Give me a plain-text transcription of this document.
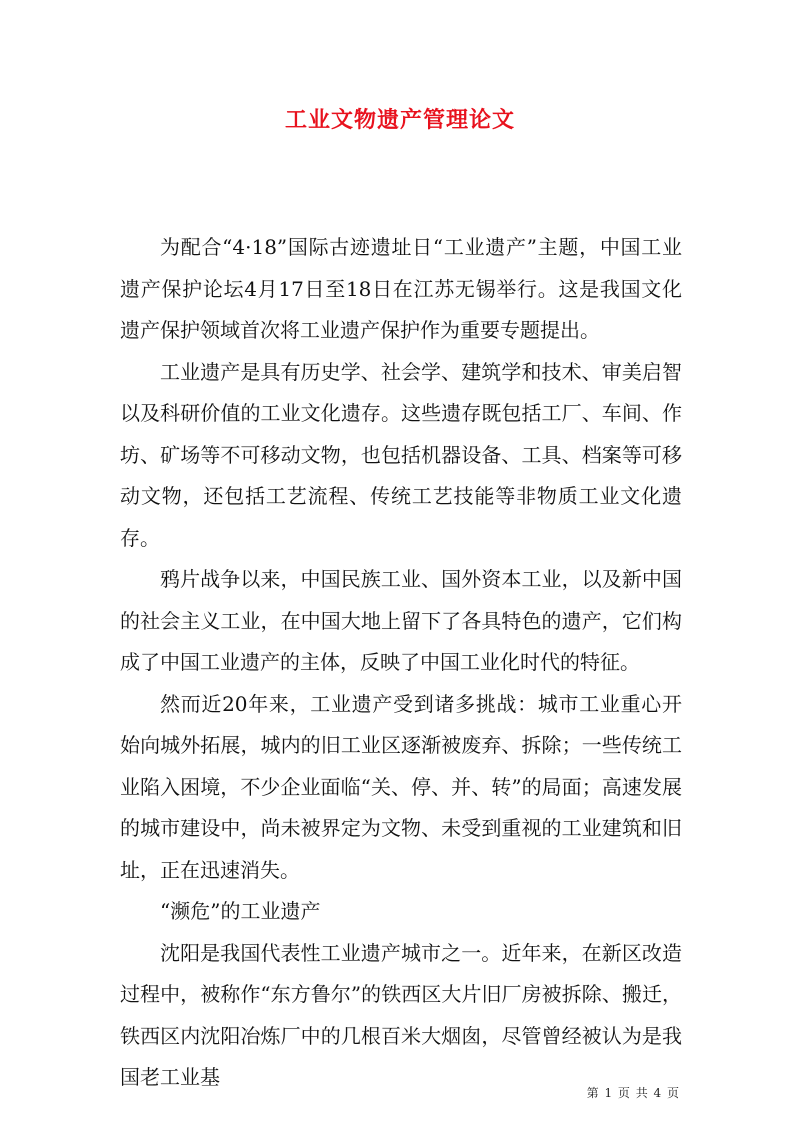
工业文物遗产管理论文

为配合“4·18”国际古迹遗址日“工业遗产”主题，中国工业遗产保护论坛4月17日至18日在江苏无锡举行。这是我国文化遗产保护领域首次将工业遗产保护作为重要专题提出。

工业遗产是具有历史学、社会学、建筑学和技术、审美启智以及科研价值的工业文化遗存。这些遗存既包括工厂、车间、作坊、矿场等不可移动文物，也包括机器设备、工具、档案等可移动文物，还包括工艺流程、传统工艺技能等非物质工业文化遗存。

鸦片战争以来，中国民族工业、国外资本工业，以及新中国的社会主义工业，在中国大地上留下了各具特色的遗产，它们构成了中国工业遗产的主体，反映了中国工业化时代的特征。

然而近20年来，工业遗产受到诸多挑战：城市工业重心开始向城外拓展，城内的旧工业区逐渐被废弃、拆除；一些传统工业陷入困境，不少企业面临“关、停、并、转”的局面；高速发展的城市建设中，尚未被界定为文物、未受到重视的工业建筑和旧址，正在迅速消失。

“濒危”的工业遗产

沈阳是我国代表性工业遗产城市之一。近年来，在新区改造过程中，被称作“东方鲁尔”的铁西区大片旧厂房被拆除、搬迁，铁西区内沈阳冶炼厂中的几根百米大烟囱，尽管曾经被认为是我国老工业基

第 1 页 共 4 页
